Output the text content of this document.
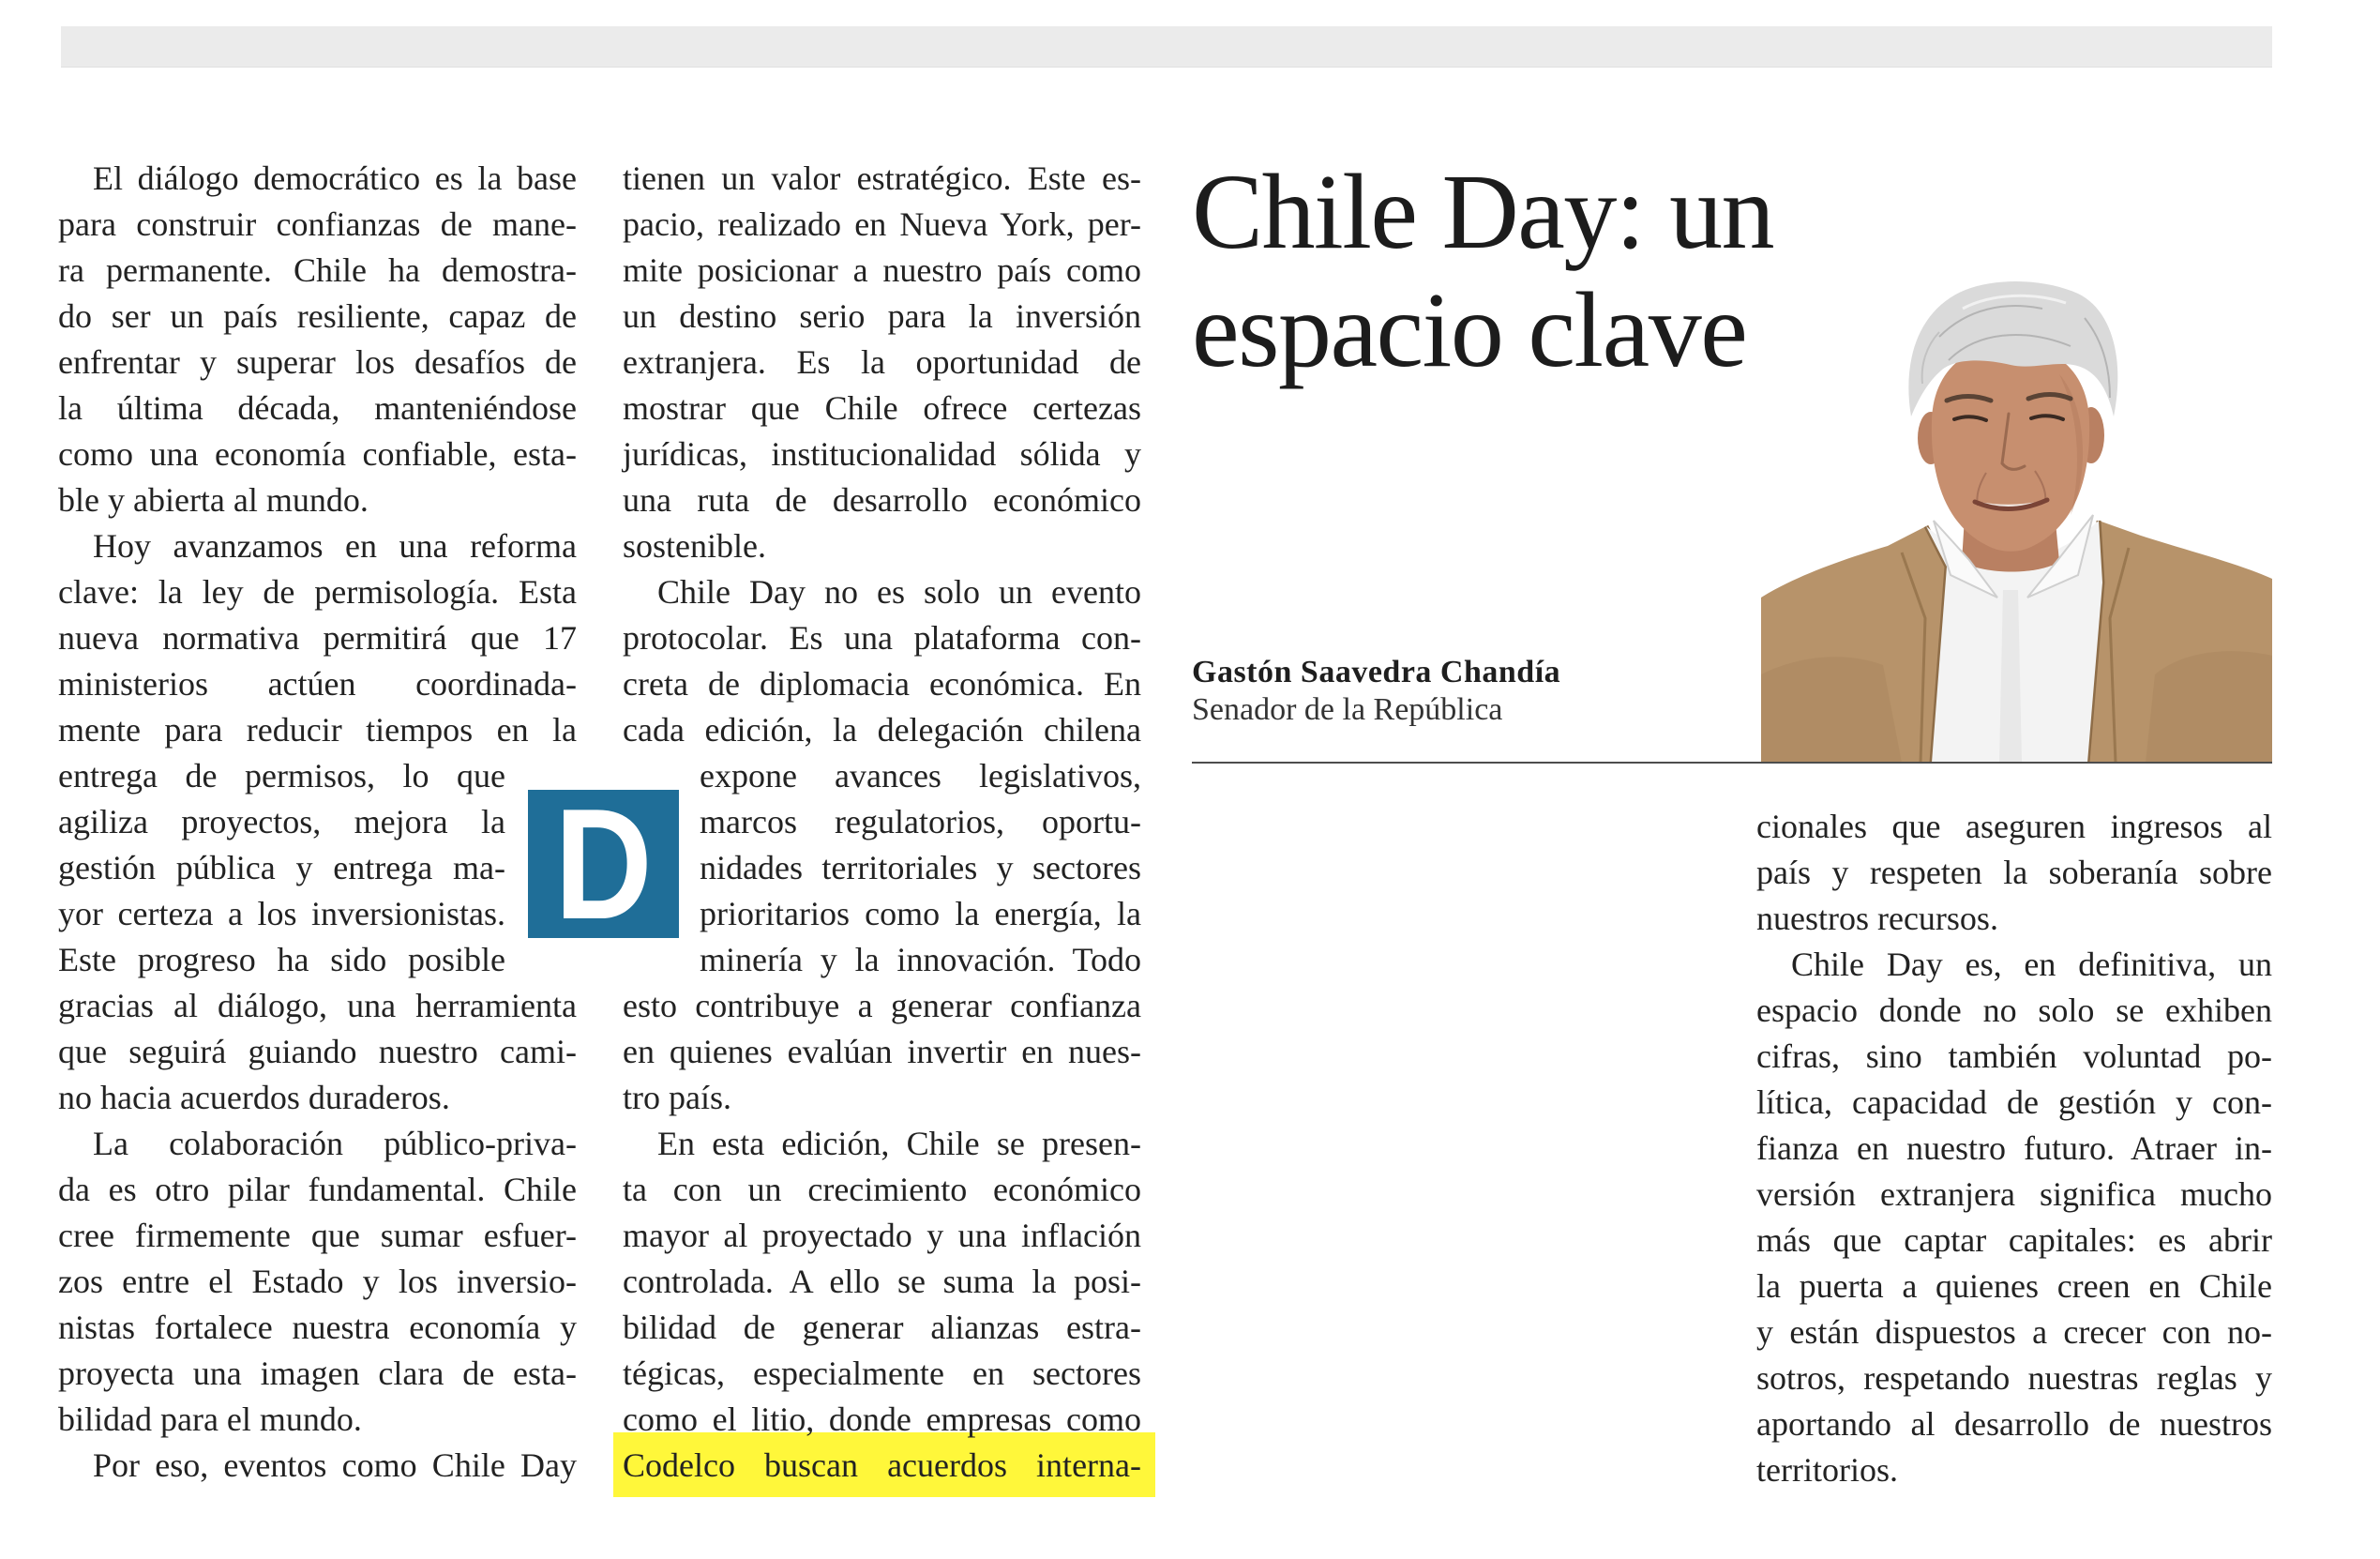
El diálogo democrático es la base
para construir confianzas de mane-
ra permanente. Chile ha demostra-
do ser un país resiliente, capaz de
enfrentar y superar los desafíos de
la última década, manteniéndose
como una economía confiable, esta-
ble y abierta al mundo.
Hoy avanzamos en una reforma
clave: la ley de permisología. Esta
nueva normativa permitirá que 17
ministerios actúen coordinada-
mente para reducir tiempos en la
entrega de permisos, lo que
agiliza proyectos, mejora la
gestión pública y entrega ma-
yor certeza a los inversionistas.
Este progreso ha sido posible
gracias al diálogo, una herramienta
que seguirá guiando nuestro cami-
no hacia acuerdos duraderos.
La colaboración público-priva-
da es otro pilar fundamental. Chile
cree firmemente que sumar esfuer-
zos entre el Estado y los inversio-
nistas fortalece nuestra economía y
proyecta una imagen clara de esta-
bilidad para el mundo.
Por eso, eventos como Chile Day
D
tienen un valor estratégico. Este es-
pacio, realizado en Nueva York, per-
mite posicionar a nuestro país como
un destino serio para la inversión
extranjera. Es la oportunidad de
mostrar que Chile ofrece certezas
jurídicas, institucionalidad sólida y
una ruta de desarrollo económico
sostenible.
Chile Day no es solo un evento
protocolar. Es una plataforma con-
creta de diplomacia económica. En
cada edición, la delegación chilena
expone avances legislativos,
marcos regulatorios, oportu-
nidades territoriales y sectores
prioritarios como la energía, la
minería y la innovación. Todo
esto contribuye a generar confianza
en quienes evalúan invertir en nues-
tro país.
En esta edición, Chile se presen-
ta con un crecimiento económico
mayor al proyectado y una inflación
controlada. A ello se suma la posi-
bilidad de generar alianzas estra-
tégicas, especialmente en sectores
como el litio, donde empresas como
Codelco buscan acuerdos interna-
Chile Day: un
espacio clave
Gastón Saavedra Chandía
Senador de la República
cionales que aseguren ingresos al
país y respeten la soberanía sobre
nuestros recursos.
Chile Day es, en definitiva, un
espacio donde no solo se exhiben
cifras, sino también voluntad po-
lítica, capacidad de gestión y con-
fianza en nuestro futuro. Atraer in-
versión extranjera significa mucho
más que captar capitales: es abrir
la puerta a quienes creen en Chile
y están dispuestos a crecer con no-
sotros, respetando nuestras reglas y
aportando al desarrollo de nuestros
territorios.
